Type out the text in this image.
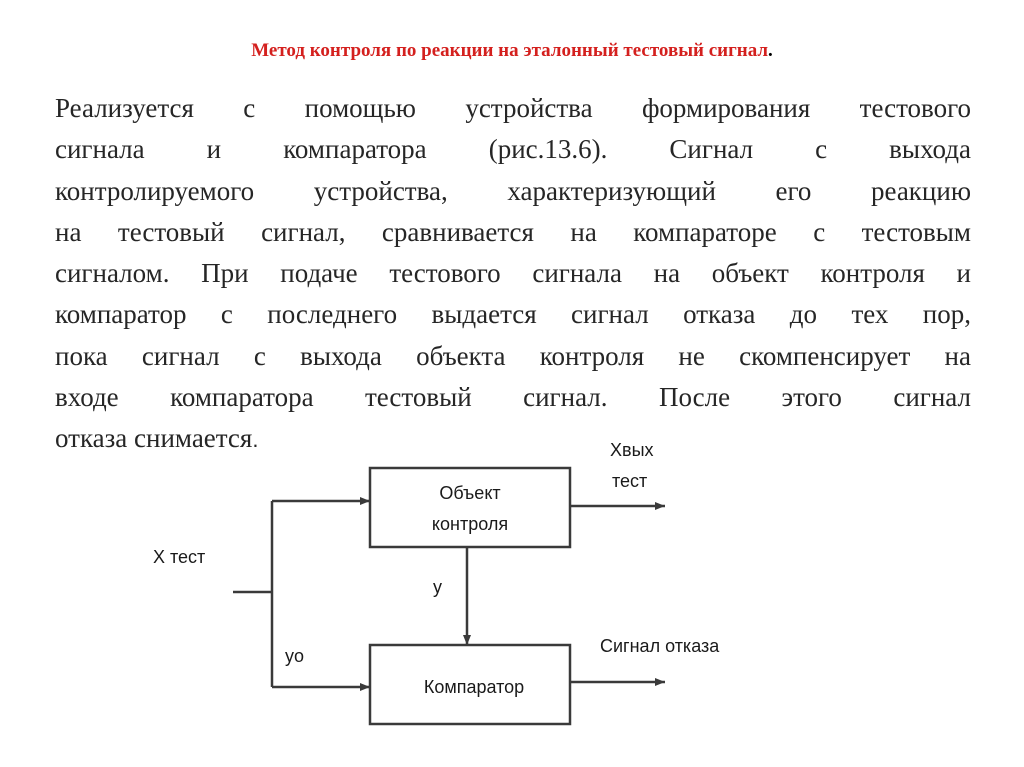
Метод контроля по реакции на эталонный тестовый сигнал.
Реализуется с помощью устройства формирования тестового
сигнала и компаратора (рис.13.6). Сигнал с выхода
контролируемого устройства, характеризующий его реакцию
на тестовый сигнал, сравнивается на компараторе с тестовым
сигналом. При подаче тестового сигнала на объект контроля и
компаратор с последнего выдается сигнал отказа до тех пор,
пока сигнал с выхода объекта контроля не скомпенсирует на
входе компаратора тестовый сигнал. После этого сигнал
отказа снимается.
Объект
контроля
Компаратор
X тест
Xвых
тест
y
yo	Сигнал отказа
